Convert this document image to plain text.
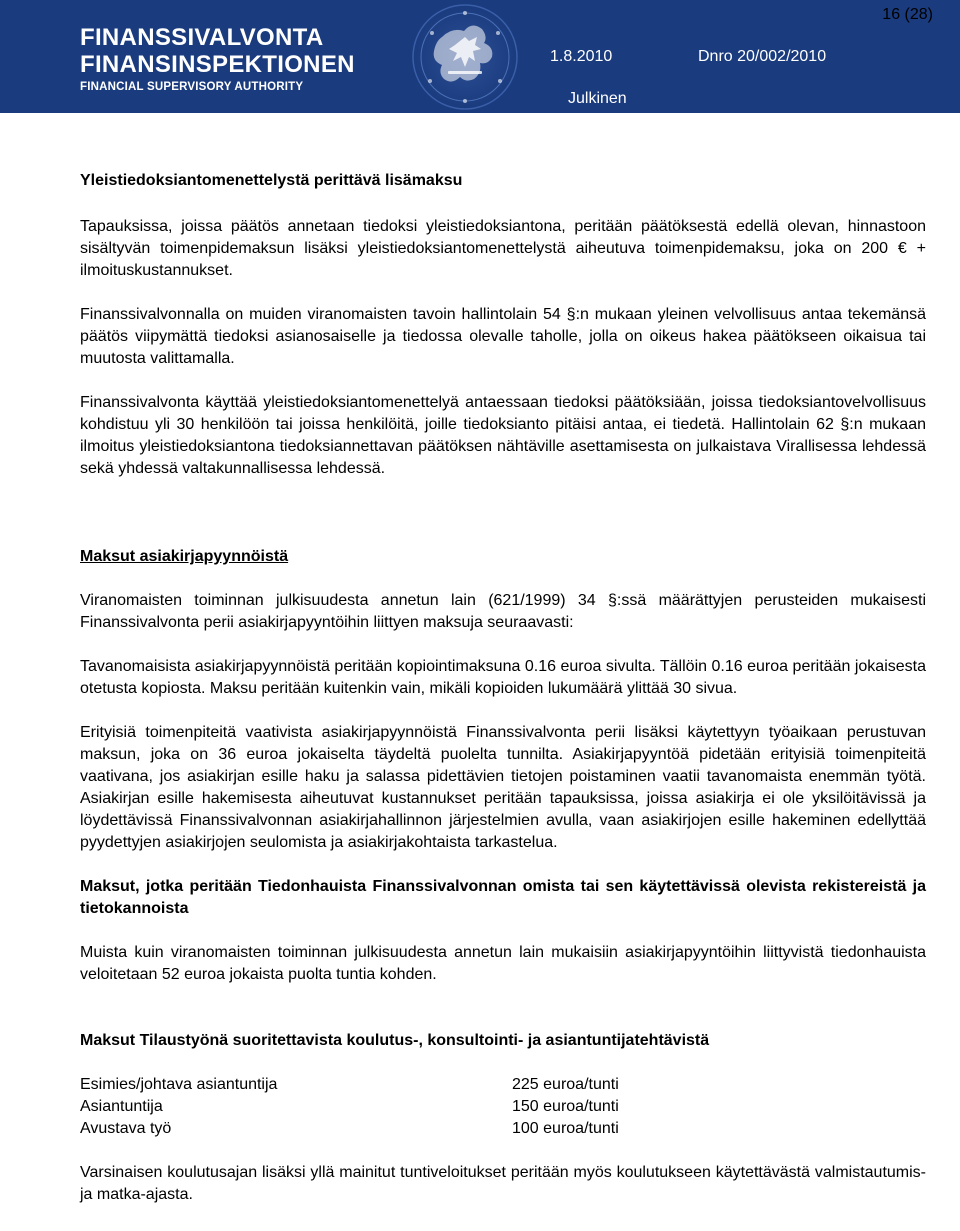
FINANSSIVALVONTA
FINANSINSPEKTIONEN
FINANCIAL SUPERVISORY AUTHORITY
1.8.2010	Dnro 20/002/2010
Julkinen
16 (28)

Yleistiedoksiantomenettelystä perittävä lisämaksu

Tapauksissa, joissa päätös annetaan tiedoksi yleistiedoksiantona, peritään päätöksestä edellä olevan, hinnastoon sisältyvän toimenpidemaksun lisäksi yleistiedoksiantomenettelystä aiheutuva toimenpidemaksu, joka on 200 € + ilmoituskustannukset.

Finanssivalvonnalla on muiden viranomaisten tavoin hallintolain 54 §:n mukaan yleinen velvollisuus antaa tekemänsä päätös viipymättä tiedoksi asianosaiselle ja tiedossa olevalle taholle, jolla on oikeus hakea päätökseen oikaisua tai muutosta valittamalla.

Finanssivalvonta käyttää yleistiedoksiantomenettelyä antaessaan tiedoksi päätöksiään, joissa tiedoksiantovelvollisuus kohdistuu yli 30 henkilöön tai joissa henkilöitä, joille tiedoksianto pitäisi antaa, ei tiedetä. Hallintolain 62 §:n mukaan ilmoitus yleistiedoksiantona tiedoksiannettavan päätöksen nähtäville asettamisesta on julkaistava Virallisessa lehdessä sekä yhdessä valtakunnallisessa lehdessä.

Maksut asiakirjapyynnöistä

Viranomaisten toiminnan julkisuudesta annetun lain (621/1999) 34 §:ssä määrättyjen perusteiden mukaisesti Finanssivalvonta perii asiakirjapyyntöihin liittyen maksuja seuraavasti:

Tavanomaisista asiakirjapyynnöistä peritään kopiointimaksuna 0.16 euroa sivulta. Tällöin 0.16 euroa peritään jokaisesta otetusta kopiosta. Maksu peritään kuitenkin vain, mikäli kopioiden lukumäärä ylittää 30 sivua.

Erityisiä toimenpiteitä vaativista asiakirjapyynnöistä Finanssivalvonta perii lisäksi käytettyyn työaikaan perustuvan maksun, joka on 36 euroa jokaiselta täydeltä puolelta tunnilta. Asiakirjapyyntöä pidetään erityisiä toimenpiteitä vaativana, jos asiakirjan esille haku ja salassa pidettävien tietojen poistaminen vaatii tavanomaista enemmän työtä. Asiakirjan esille hakemisesta aiheutuvat kustannukset peritään tapauksissa, joissa asiakirja ei ole yksilöitävissä ja löydettävissä Finanssivalvonnan asiakirjahallinnon järjestelmien avulla, vaan asiakirjojen esille hakeminen edellyttää pyydettyjen asiakirjojen seulomista ja asiakirjakohtaista tarkastelua.

Maksut, jotka peritään Tiedonhauista Finanssivalvonnan omista tai sen käytettävissä olevista rekistereistä ja tietokannoista

Muista kuin viranomaisten toiminnan julkisuudesta annetun lain mukaisiin asiakirjapyyntöihin liittyvistä tiedonhauista veloitetaan 52 euroa jokaista puolta tuntia kohden.

Maksut Tilaustyönä suoritettavista koulutus-, konsultointi- ja asiantuntijatehtävistä

Esimies/johtava asiantuntija	225 euroa/tunti
Asiantuntija	150 euroa/tunti
Avustava työ	100 euroa/tunti

Varsinaisen koulutusajan lisäksi yllä mainitut tuntiveloitukset peritään myös koulutukseen käytettävästä valmistautumis- ja matka-ajasta.
